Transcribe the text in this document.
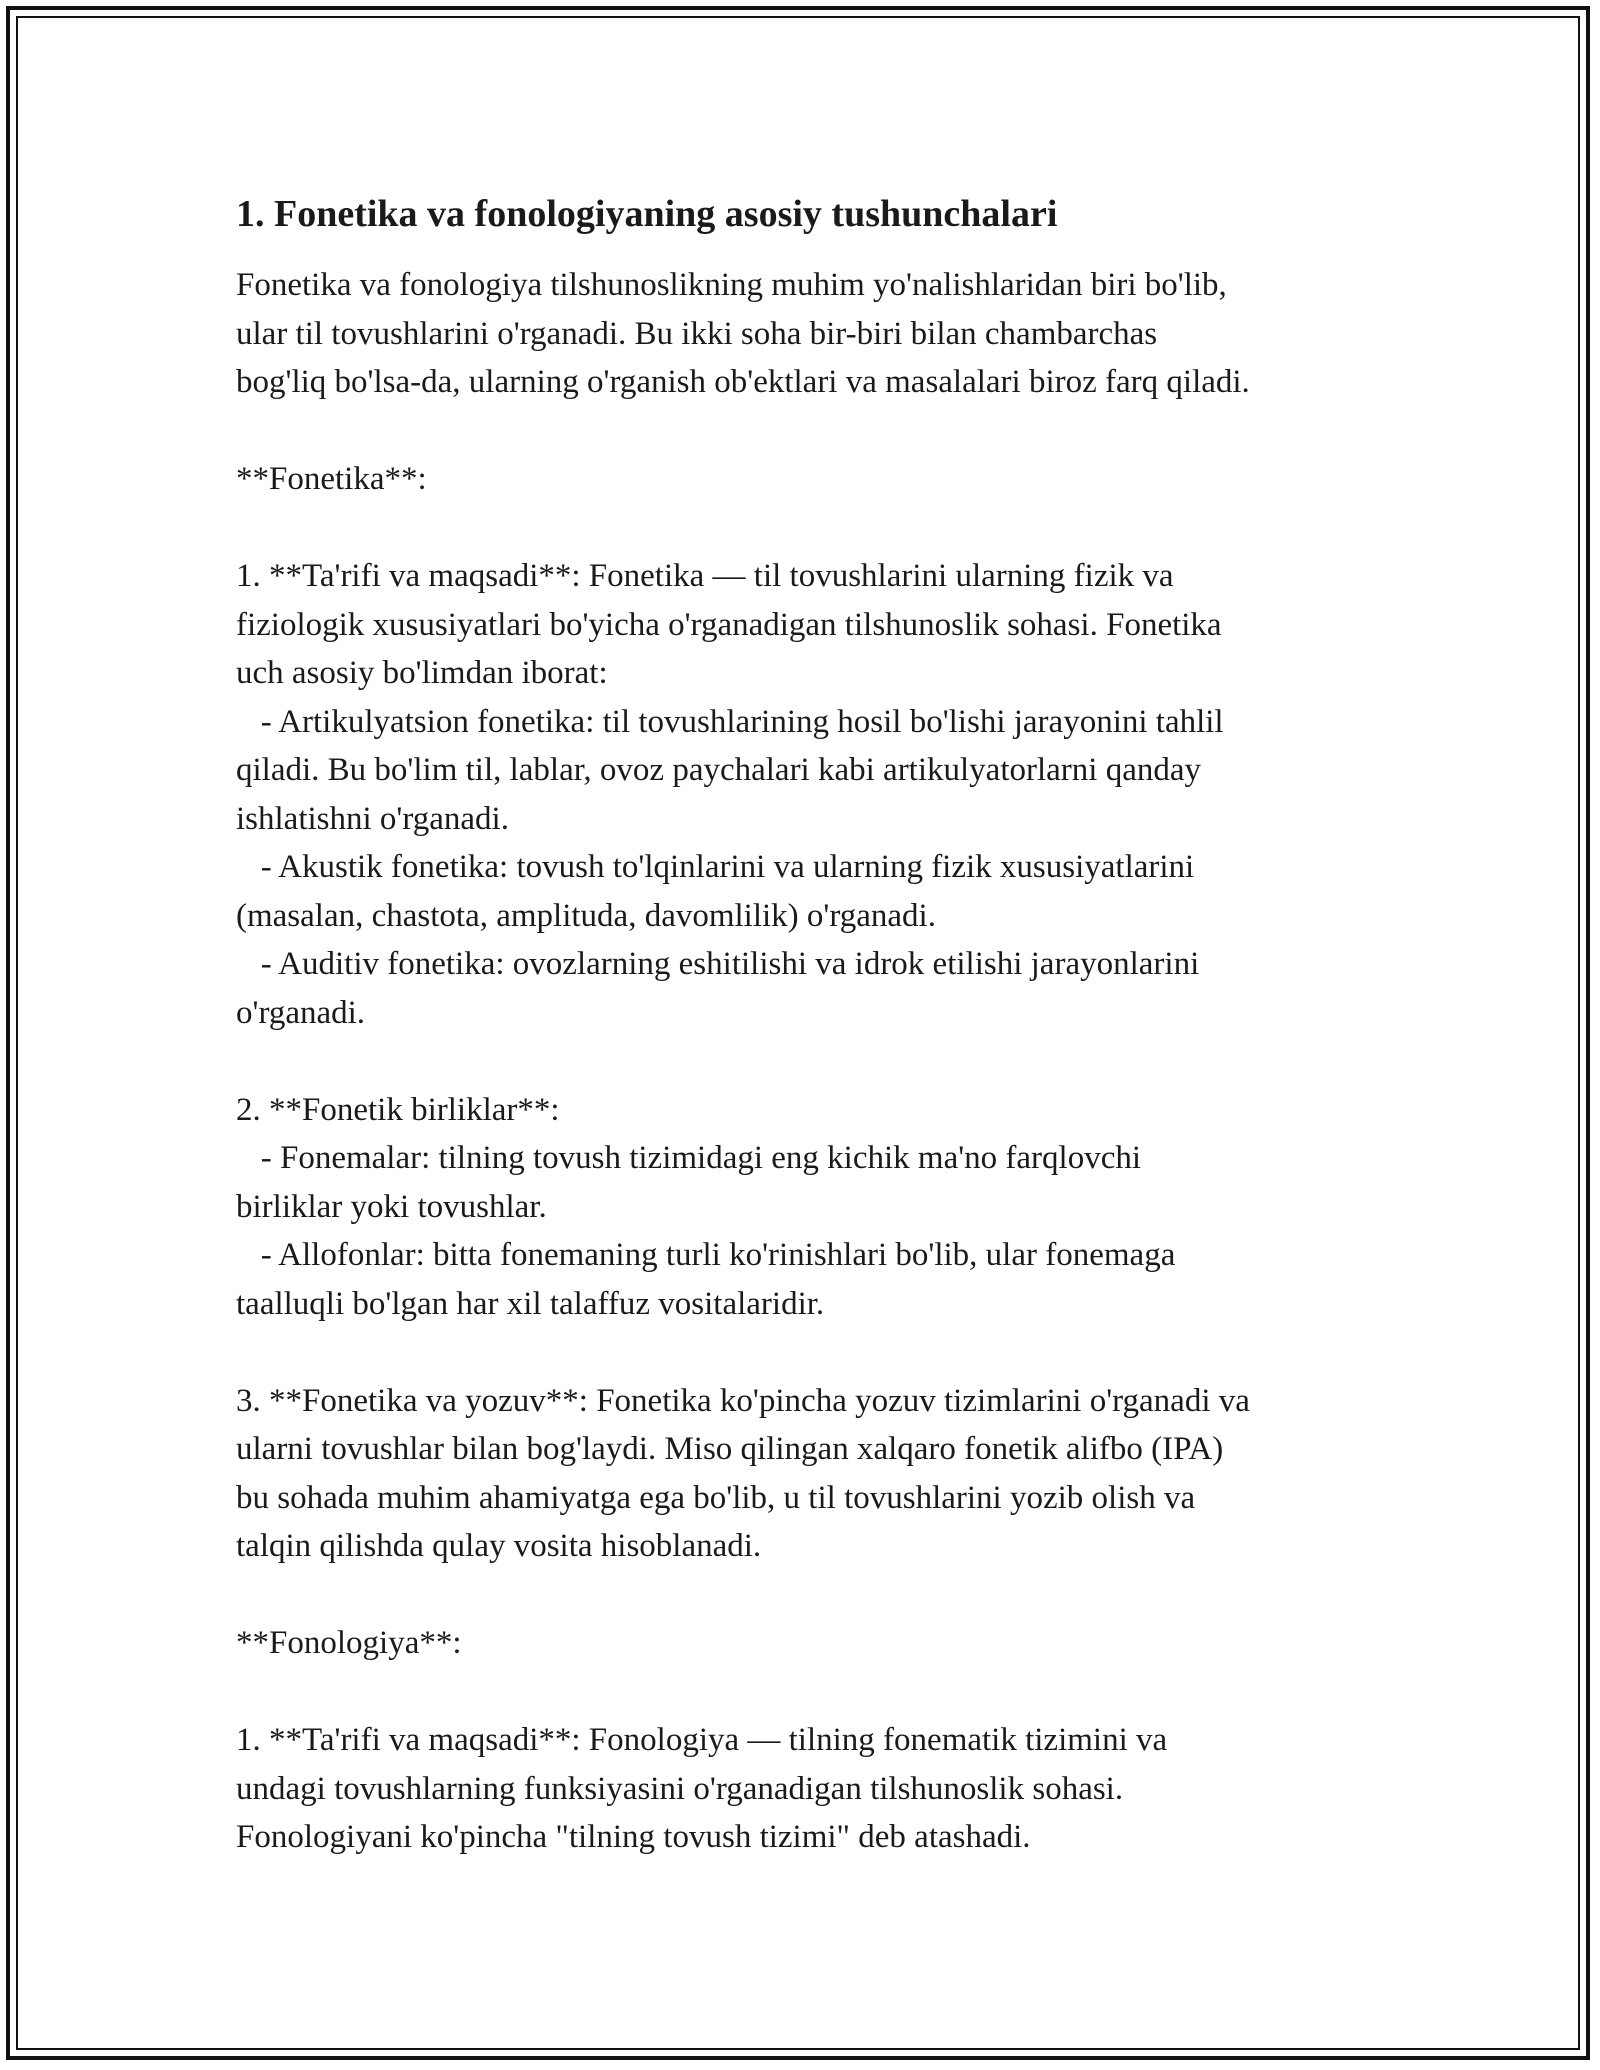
1. Fonetika va fonologiyaning asosiy tushunchalari

Fonetika va fonologiya tilshunoslikning muhim yo'nalishlaridan biri bo'lib,
ular til tovushlarini o'rganadi. Bu ikki soha bir-biri bilan chambarchas
bog'liq bo'lsa-da, ularning o'rganish ob'ektlari va masalalari biroz farq qiladi.

**Fonetika**:

1. **Ta'rifi va maqsadi**: Fonetika — til tovushlarini ularning fizik va
fiziologik xususiyatlari bo'yicha o'rganadigan tilshunoslik sohasi. Fonetika
uch asosiy bo'limdan iborat:
- Artikulyatsion fonetika: til tovushlarining hosil bo'lishi jarayonini tahlil
qiladi. Bu bo'lim til, lablar, ovoz paychalari kabi artikulyatorlarni qanday
ishlatishni o'rganadi.
- Akustik fonetika: tovush to'lqinlarini va ularning fizik xususiyatlarini
(masalan, chastota, amplituda, davomlilik) o'rganadi.
- Auditiv fonetika: ovozlarning eshitilishi va idrok etilishi jarayonlarini
o'rganadi.

2. **Fonetik birliklar**:
- Fonemalar: tilning tovush tizimidagi eng kichik ma'no farqlovchi
birliklar yoki tovushlar.
- Allofonlar: bitta fonemaning turli ko'rinishlari bo'lib, ular fonemaga
taalluqli bo'lgan har xil talaffuz vositalaridir.

3. **Fonetika va yozuv**: Fonetika ko'pincha yozuv tizimlarini o'rganadi va
ularni tovushlar bilan bog'laydi. Miso qilingan xalqaro fonetik alifbo (IPA)
bu sohada muhim ahamiyatga ega bo'lib, u til tovushlarini yozib olish va
talqin qilishda qulay vosita hisoblanadi.

**Fonologiya**:

1. **Ta'rifi va maqsadi**: Fonologiya — tilning fonematik tizimini va
undagi tovushlarning funksiyasini o'rganadigan tilshunoslik sohasi.
Fonologiyani ko'pincha "tilning tovush tizimi" deb atashadi.
